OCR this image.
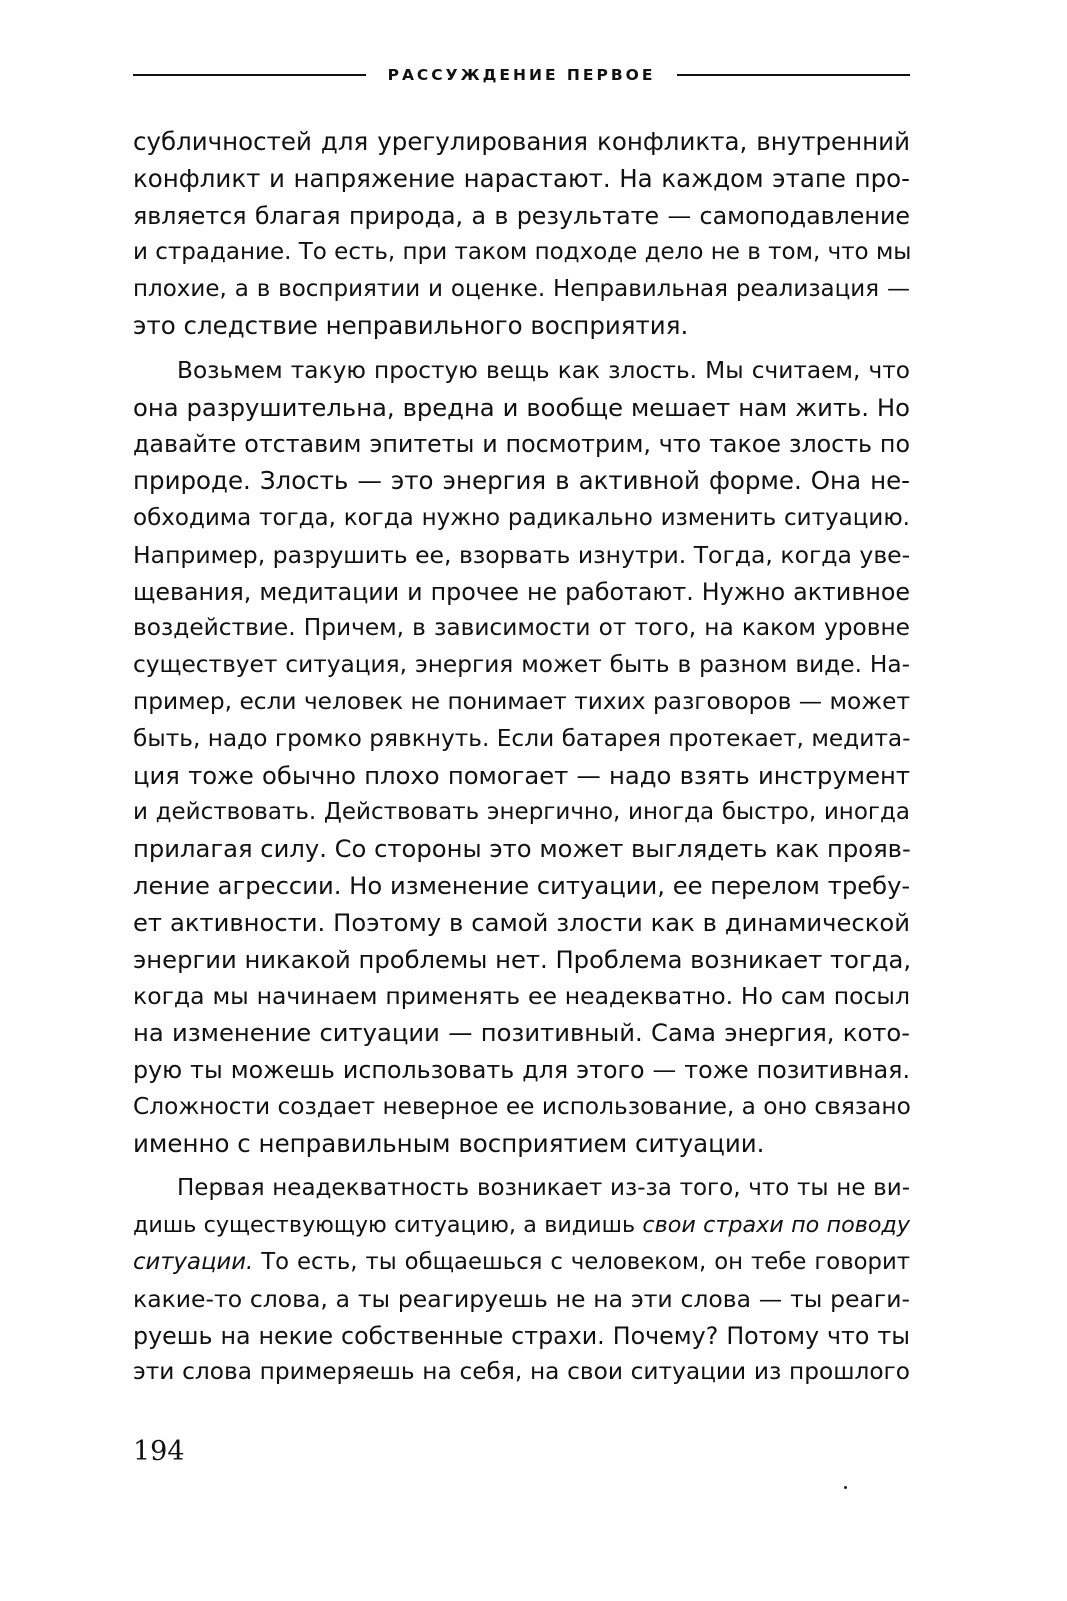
РАССУЖДЕНИЕ ПЕРВОЕ
субличностей для урегулирования конфликта, внутренний
конфликт и напряжение нарастают. На каждом этапе про-
является благая природа, а в результате — самоподавление
и страдание. То есть, при таком подходе дело не в том, что мы
плохие, а в восприятии и оценке. Неправильная реализация —
это следствие неправильного восприятия.
Возьмем такую простую вещь как злость. Мы считаем, что
она разрушительна, вредна и вообще мешает нам жить. Но
давайте отставим эпитеты и посмотрим, что такое злость по
природе. Злость — это энергия в активной форме. Она не-
обходима тогда, когда нужно радикально изменить ситуацию.
Например, разрушить ее, взорвать изнутри. Тогда, когда уве-
щевания, медитации и прочее не работают. Нужно активное
воздействие. Причем, в зависимости от того, на каком уровне
существует ситуация, энергия может быть в разном виде. На-
пример, если человек не понимает тихих разговоров — может
быть, надо громко рявкнуть. Если батарея протекает, медита-
ция тоже обычно плохо помогает — надо взять инструмент
и действовать. Действовать энергично, иногда быстро, иногда
прилагая силу. Со стороны это может выглядеть как прояв-
ление агрессии. Но изменение ситуации, ее перелом требу-
ет активности. Поэтому в самой злости как в динамической
энергии никакой проблемы нет. Проблема возникает тогда,
когда мы начинаем применять ее неадекватно. Но сам посыл
на изменение ситуации — позитивный. Сама энергия, кото-
рую ты можешь использовать для этого — тоже позитивная.
Сложности создает неверное ее использование, а оно связано
именно с неправильным восприятием ситуации.
Первая неадекватность возникает из-за того, что ты не ви-
дишь существующую ситуацию, а видишь свои страхи по поводу
ситуации. То есть, ты общаешься с человеком, он тебе говорит
какие-то слова, а ты реагируешь не на эти слова — ты реаги-
руешь на некие собственные страхи. Почему? Потому что ты
эти слова примеряешь на себя, на свои ситуации из прошлого
194
